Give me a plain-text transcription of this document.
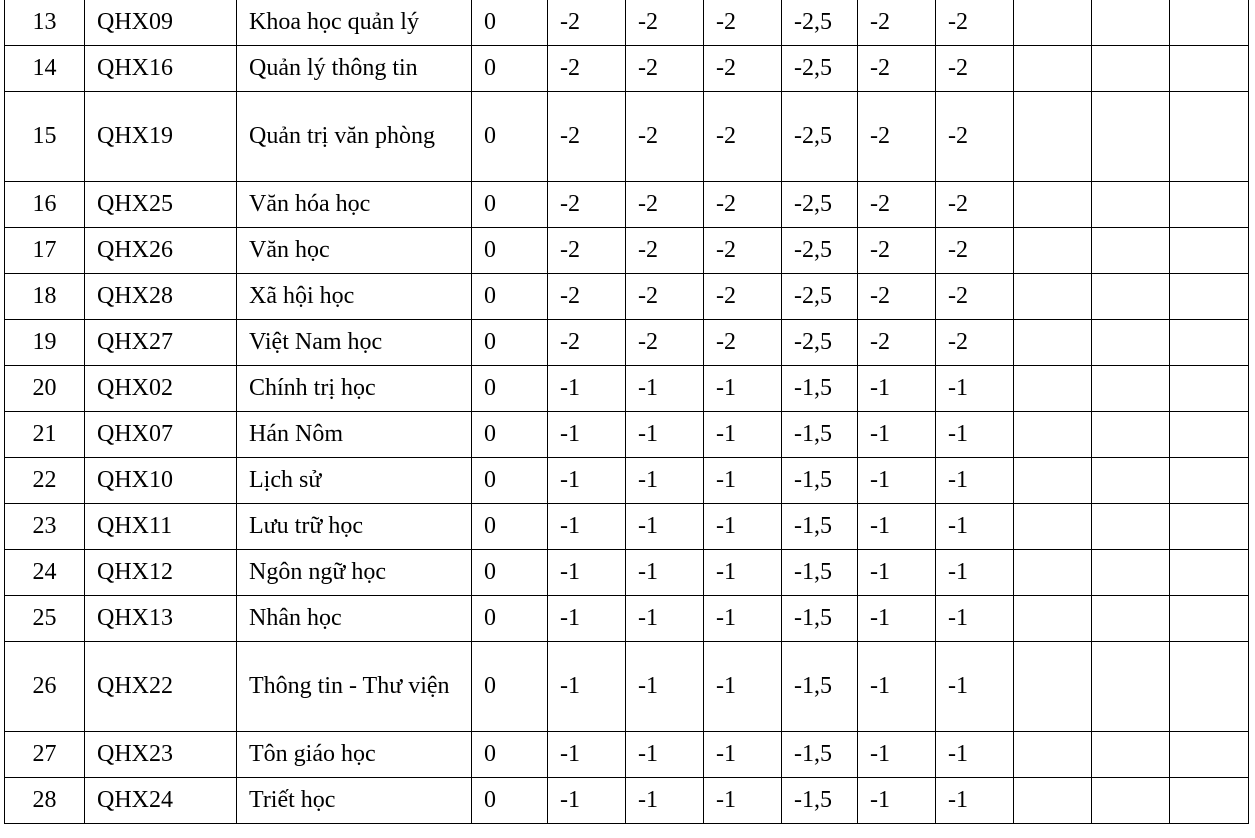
13	QHX09	Khoa học quản lý	0	-2	-2	-2	-2,5	-2	-2			
14	QHX16	Quản lý thông tin	0	-2	-2	-2	-2,5	-2	-2			
15	QHX19	Quản trị văn phòng	0	-2	-2	-2	-2,5	-2	-2			
16	QHX25	Văn hóa học	0	-2	-2	-2	-2,5	-2	-2			
17	QHX26	Văn học	0	-2	-2	-2	-2,5	-2	-2			
18	QHX28	Xã hội học	0	-2	-2	-2	-2,5	-2	-2			
19	QHX27	Việt Nam học	0	-2	-2	-2	-2,5	-2	-2			
20	QHX02	Chính trị học	0	-1	-1	-1	-1,5	-1	-1			
21	QHX07	Hán Nôm	0	-1	-1	-1	-1,5	-1	-1			
22	QHX10	Lịch sử	0	-1	-1	-1	-1,5	-1	-1			
23	QHX11	Lưu trữ học	0	-1	-1	-1	-1,5	-1	-1			
24	QHX12	Ngôn ngữ học	0	-1	-1	-1	-1,5	-1	-1			
25	QHX13	Nhân học	0	-1	-1	-1	-1,5	-1	-1			
26	QHX22	Thông tin - Thư viện	0	-1	-1	-1	-1,5	-1	-1			
27	QHX23	Tôn giáo học	0	-1	-1	-1	-1,5	-1	-1			
28	QHX24	Triết học	0	-1	-1	-1	-1,5	-1	-1			
